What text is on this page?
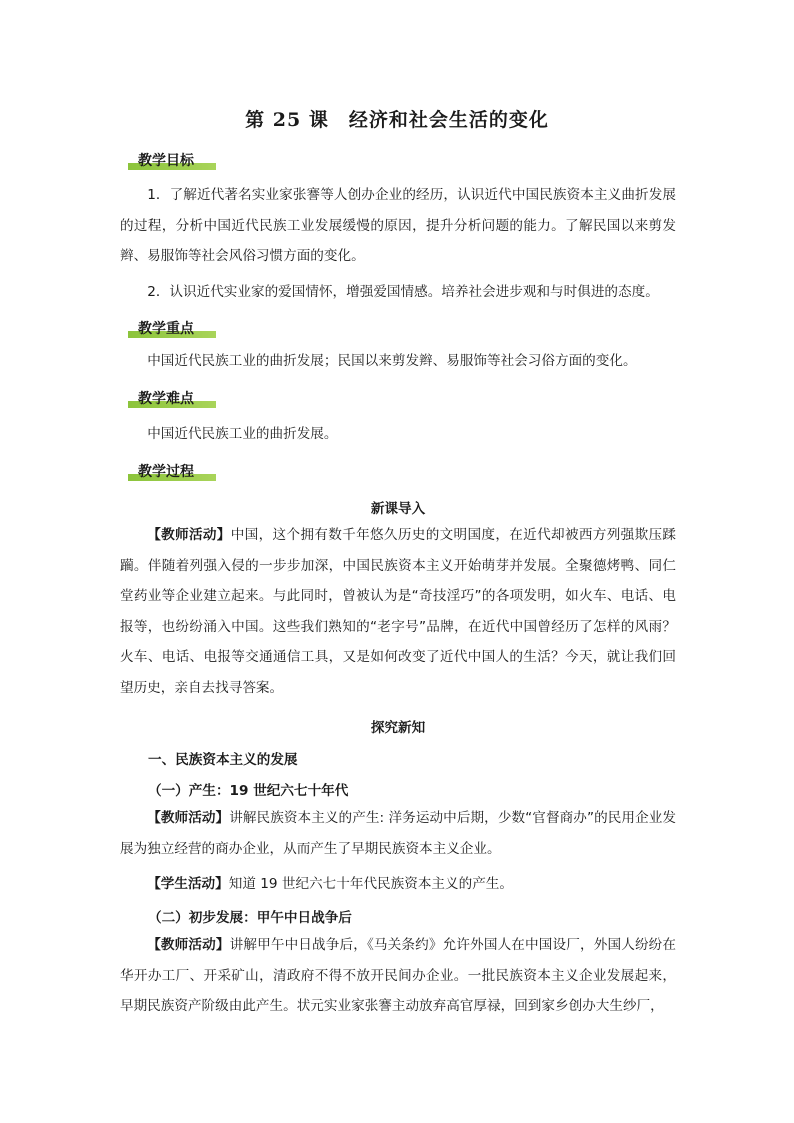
第 25 课　经济和社会生活的变化
教学目标

1．了解近代著名实业家张謇等人创办企业的经历，认识近代中国民族资本主义曲折发展的过程，分析中国近代民族工业发展缓慢的原因，提升分析问题的能力。了解民国以来剪发辫、易服饰等社会风俗习惯方面的变化。

2．认识近代实业家的爱国情怀，增强爱国情感。培养社会进步观和与时俱进的态度。

教学重点

中国近代民族工业的曲折发展；民国以来剪发辫、易服饰等社会习俗方面的变化。

教学难点

中国近代民族工业的曲折发展。

教学过程
新课导入

【教师活动】中国，这个拥有数千年悠久历史的文明国度，在近代却被西方列强欺压蹂躏。伴随着列强入侵的一步步加深，中国民族资本主义开始萌芽并发展。全聚德烤鸭、同仁堂药业等企业建立起来。与此同时，曾被认为是“奇技淫巧”的各项发明，如火车、电话、电报等，也纷纷涌入中国。这些我们熟知的“老字号”品牌，在近代中国曾经历了怎样的风雨？火车、电话、电报等交通通信工具，又是如何改变了近代中国人的生活？今天，就让我们回望历史，亲自去找寻答案。

探究新知
一、民族资本主义的发展
（一）产生：19 世纪六七十年代

【教师活动】讲解民族资本主义的产生: 洋务运动中后期，少数“官督商办”的民用企业发展为独立经营的商办企业，从而产生了早期民族资本主义企业。

【学生活动】知道 19 世纪六七十年代民族资本主义的产生。

（二）初步发展：甲午中日战争后

【教师活动】讲解甲午中日战争后，《马关条约》允许外国人在中国设厂，外国人纷纷在华开办工厂、开采矿山，清政府不得不放开民间办企业。一批民族资本主义企业发展起来，早期民族资产阶级由此产生。状元实业家张謇主动放弃高官厚禄，回到家乡创办大生纱厂，
